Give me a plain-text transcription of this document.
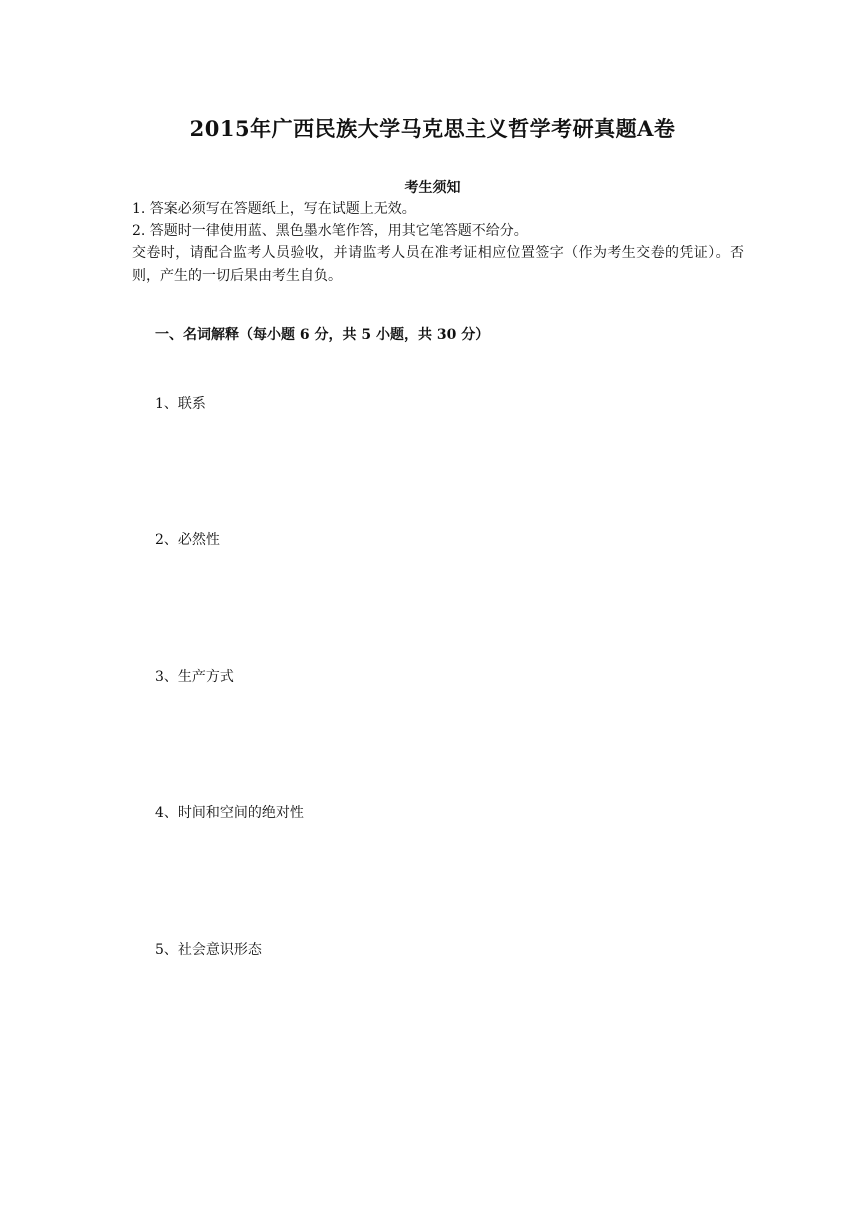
2015年广西民族大学马克思主义哲学考研真题A卷
考生须知
1. 答案必须写在答题纸上，写在试题上无效。
2. 答题时一律使用蓝、黑色墨水笔作答，用其它笔答题不给分。
交卷时，请配合监考人员验收，并请监考人员在准考证相应位置签字（作为考生交卷的凭证）。否则，产生的一切后果由考生自负。
一、名词解释（每小题 6 分，共 5 小题，共 30 分）
1、联系
2、必然性
3、生产方式
4、时间和空间的绝对性
5、社会意识形态
